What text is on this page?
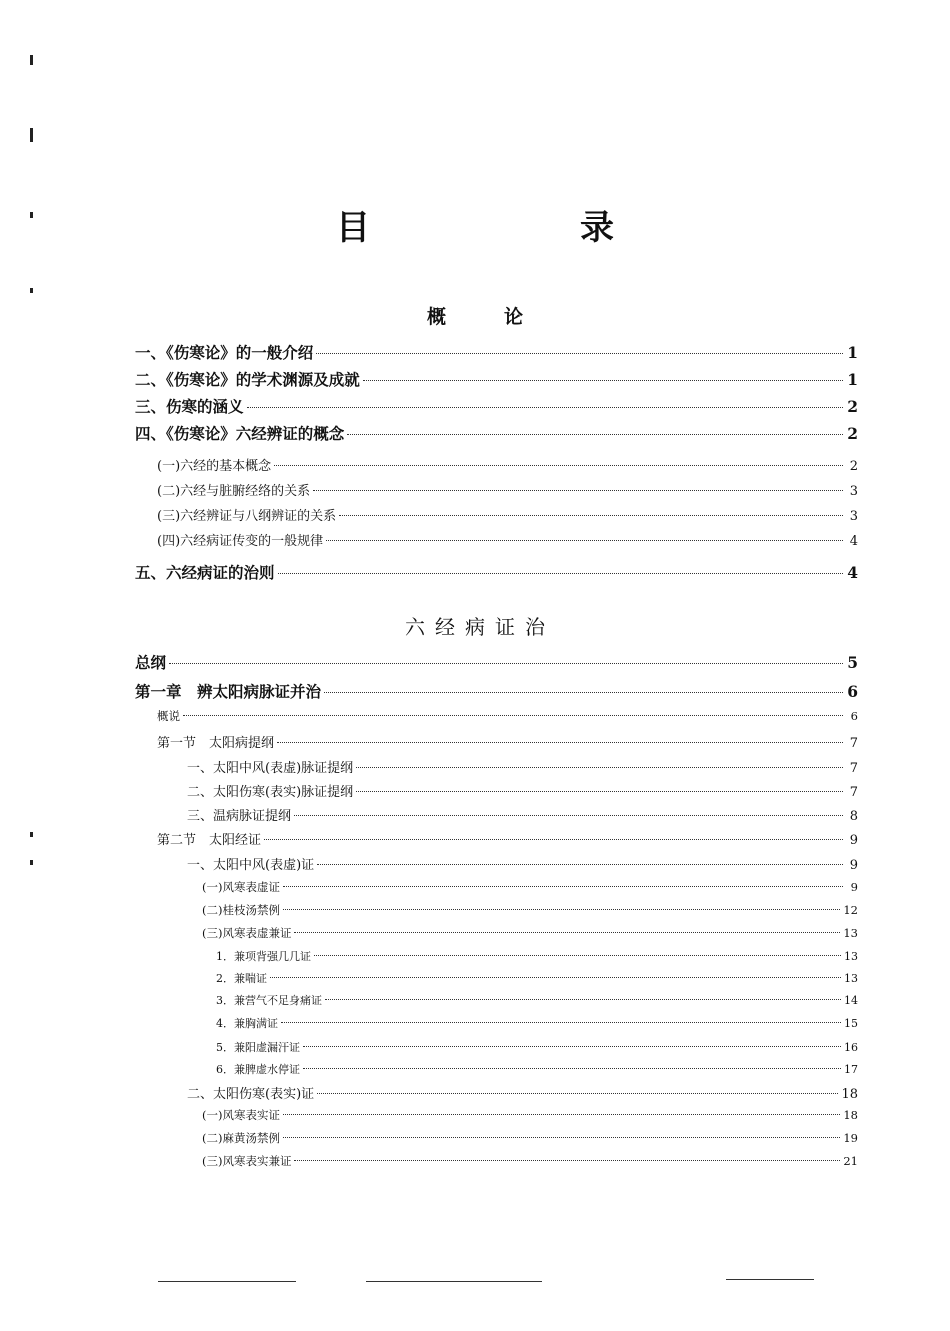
目　录
概论
六经病证治
一、《伤寒论》的一般介绍	1
二、《伤寒论》的学术渊源及成就	1
三、伤寒的涵义	2
四、《伤寒论》六经辨证的概念	2
(一)六经的基本概念	2
(二)六经与脏腑经络的关系	3
(三)六经辨证与八纲辨证的关系	3
(四)六经病证传变的一般规律	4
五、六经病证的治则	4
总纲	5
第一章　辨太阳病脉证并治	6
概说	6
第一节　太阳病提纲	7
一、太阳中风(表虚)脉证提纲	7
二、太阳伤寒(表实)脉证提纲	7
三、温病脉证提纲	8
第二节　太阳经证	9
一、太阳中风(表虚)证	9
(一)风寒表虚证	9
(二)桂枝汤禁例	12
(三)风寒表虚兼证	13
1．兼项背强几几证	13
2．兼喘证	13
3．兼营气不足身痛证	14
4．兼胸满证	15
5．兼阳虚漏汗证	16
6．兼脾虚水停证	17
二、太阳伤寒(表实)证	18
(一)风寒表实证	18
(二)麻黄汤禁例	19
(三)风寒表实兼证	21
